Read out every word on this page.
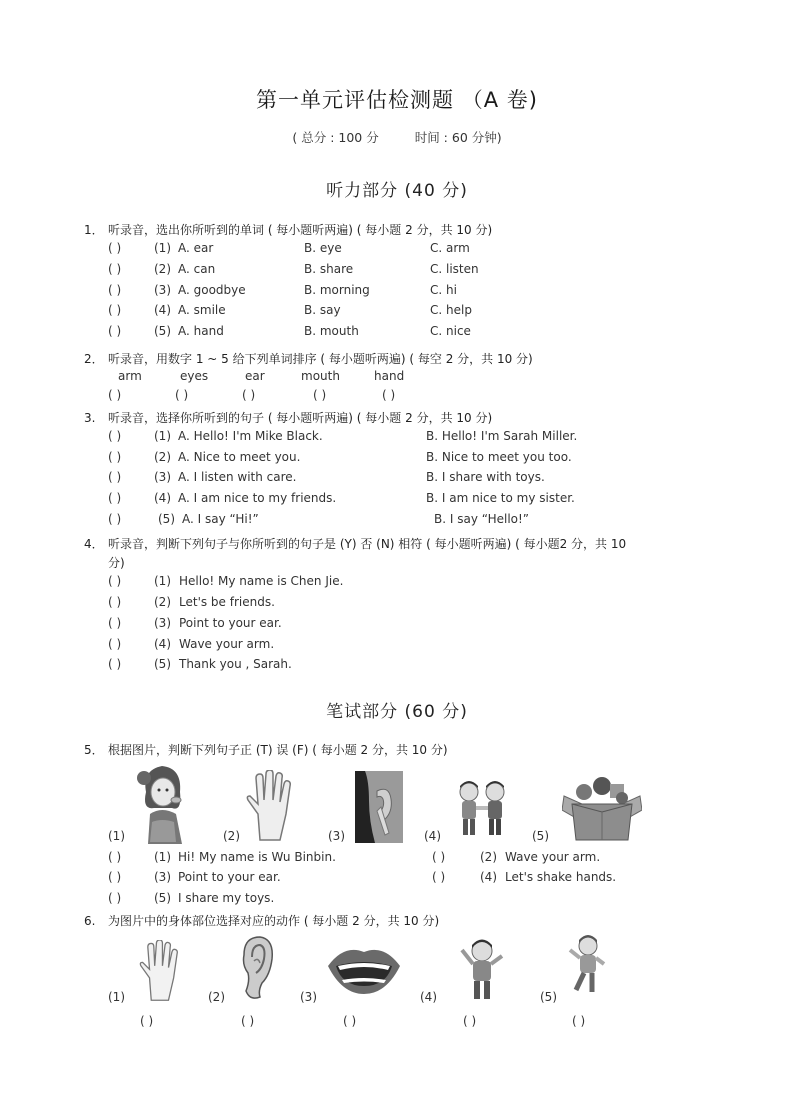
第一单元评估检测题 （A 卷)
( 总分 : 100 分	时间 : 60 分钟)
听力部分 (40 分)
1． 听录音，选出你所听到的单词 ( 每小题听两遍) ( 每小题 2 分，共 10 分)
( )	(1) A. ear	B. eye	C. arm
( )	(2) A. can	B. share	C. listen
( )	(3) A. goodbye	B. morning	C. hi
( )	(4) A. smile	B. say	C. help
( )	(5) A. hand	B. mouth	C. nice
2． 听录音，用数字 1 ~ 5 给下列单词排序 ( 每小题听两遍) ( 每空 2 分，共 10 分)
arm	eyes	ear	mouth	hand
( )	( )	( )	( )	( )
3. 听录音，选择你所听到的句子 ( 每小题听两遍) ( 每小题 2 分，共 10 分)
( )	(1) A. Hello! I'm Mike Black.	B. Hello! I'm Sarah Miller.
( )	(2) A. Nice to meet you.	B. Nice to meet you too.
( )	(3) A. I listen with care.	B. I share with toys.
( )	(4) A. I am nice to my friends.	B. I am nice to my sister.
( )	(5) A. I say “Hi!”	B. I say “Hello!”
4． 听录音，判断下列句子与你所听到的句子是 (Y) 否 (N) 相符 ( 每小题听两遍) ( 每小题2 分，共 10
分)
( )	(1) Hello! My name is Chen Jie.
( )	(2) Let's be friends.
( )	(3) Point to your ear.
( )	(4) Wave your arm.
( )	(5) Thank you , Sarah.
笔试部分 (60 分)
5． 根据图片，判断下列句子正 (T) 误 (F) ( 每小题 2 分，共 10 分)
(1)	(2)	(3)	(4)	(5)
( )	(1) Hi! My name is Wu Binbin.	( )	(2) Wave your arm.
( )	(3) Point to your ear.	( )	(4) Let's shake hands.
( )	(5) I share my toys.
6. 为图片中的身体部位选择对应的动作 ( 每小题 2 分，共 10 分)
(1)	(2)	(3)	(4)	(5)
( )	( )	( )	( )	( )
